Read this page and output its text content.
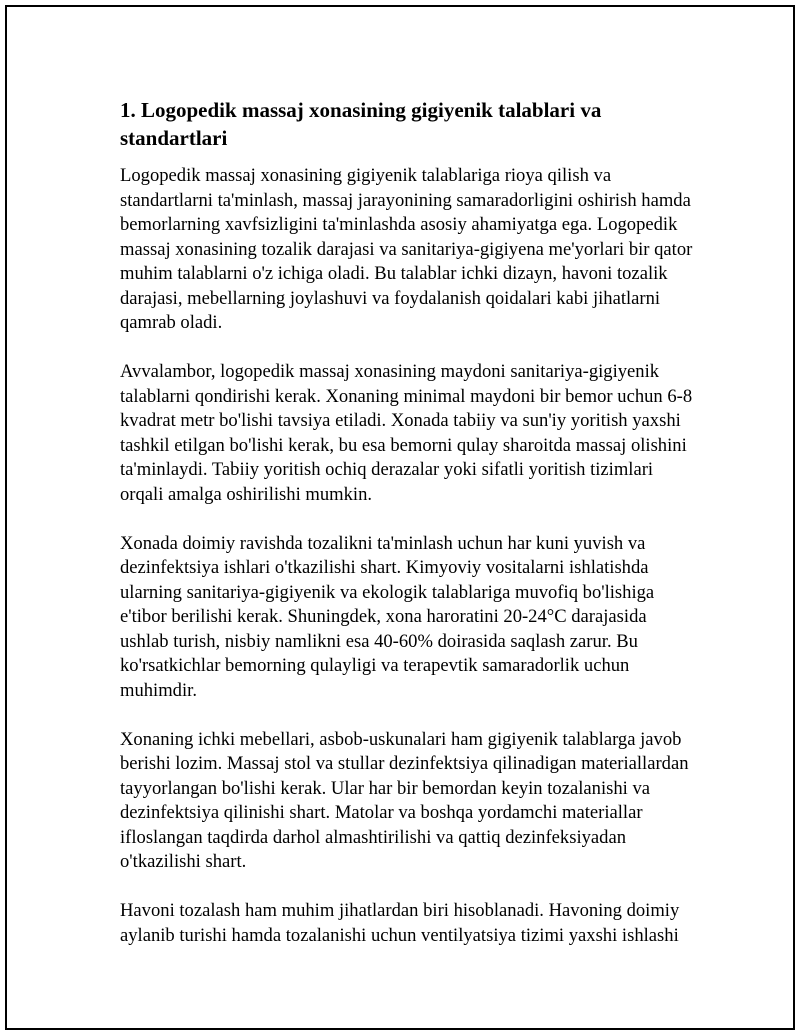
1. Logopedik massaj xonasining gigiyenik talablari va
standartlari

Logopedik massaj xonasining gigiyenik talablariga rioya qilish va
standartlarni ta'minlash, massaj jarayonining samaradorligini oshirish hamda
bemorlarning xavfsizligini ta'minlashda asosiy ahamiyatga ega. Logopedik
massaj xonasining tozalik darajasi va sanitariya-gigiyena me'yorlari bir qator
muhim talablarni o'z ichiga oladi. Bu talablar ichki dizayn, havoni tozalik
darajasi, mebellarning joylashuvi va foydalanish qoidalari kabi jihatlarni
qamrab oladi.

Avvalambor, logopedik massaj xonasining maydoni sanitariya-gigiyenik
talablarni qondirishi kerak. Xonaning minimal maydoni bir bemor uchun 6-8
kvadrat metr bo'lishi tavsiya etiladi. Xonada tabiiy va sun'iy yoritish yaxshi
tashkil etilgan bo'lishi kerak, bu esa bemorni qulay sharoitda massaj olishini
ta'minlaydi. Tabiiy yoritish ochiq derazalar yoki sifatli yoritish tizimlari
orqali amalga oshirilishi mumkin.

Xonada doimiy ravishda tozalikni ta'minlash uchun har kuni yuvish va
dezinfektsiya ishlari o'tkazilishi shart. Kimyoviy vositalarni ishlatishda
ularning sanitariya-gigiyenik va ekologik talablariga muvofiq bo'lishiga
e'tibor berilishi kerak. Shuningdek, xona haroratini 20-24°C darajasida
ushlab turish, nisbiy namlikni esa 40-60% doirasida saqlash zarur. Bu
ko'rsatkichlar bemorning qulayligi va terapevtik samaradorlik uchun
muhimdir.

Xonaning ichki mebellari, asbob-uskunalari ham gigiyenik talablarga javob
berishi lozim. Massaj stol va stullar dezinfektsiya qilinadigan materiallardan
tayyorlangan bo'lishi kerak. Ular har bir bemordan keyin tozalanishi va
dezinfektsiya qilinishi shart. Matolar va boshqa yordamchi materiallar
ifloslangan taqdirda darhol almashtirilishi va qattiq dezinfeksiyadan
o'tkazilishi shart.

Havoni tozalash ham muhim jihatlardan biri hisoblanadi. Havoning doimiy
aylanib turishi hamda tozalanishi uchun ventilyatsiya tizimi yaxshi ishlashi
